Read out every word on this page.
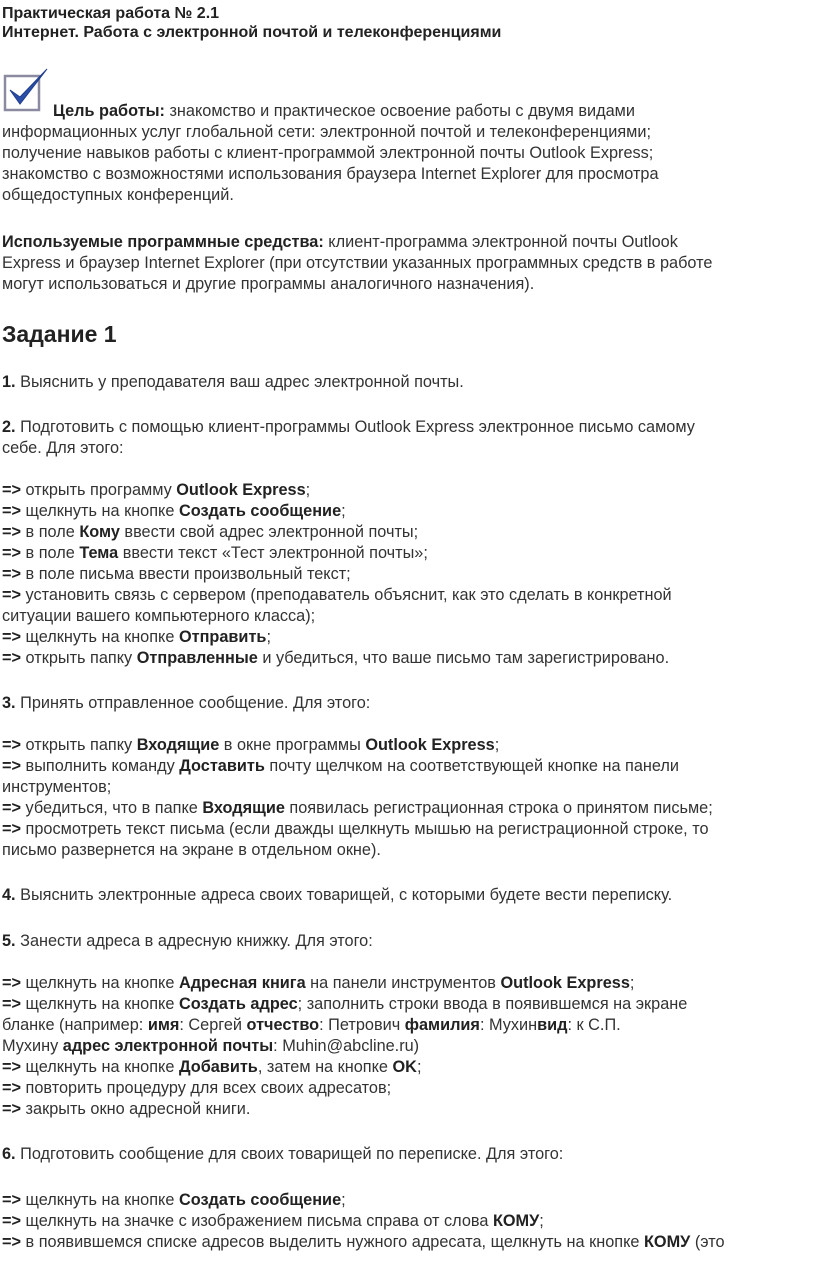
Практическая работа № 2.1
Интернет. Работа с электронной почтой и телеконференциями
Цель работы: знакомство и практическое освоение работы с двумя видами
информационных услуг глобальной сети: электронной почтой и телеконференциями;
получение навыков работы с клиент-программой электронной почты Outlook Express;
знакомство с возможностями использования браузера Internet Explorer для просмотра
общедоступных конференций.
Используемые программные средства: клиент-программа электронной почты Outlook
Express и браузер Internet Explorer (при отсутствии указанных программных средств в работе
могут использоваться и другие программы аналогичного назначения).
Задание 1
1. Выяснить у преподавателя ваш адрес электронной почты.
2. Подготовить с помощью клиент-программы Outlook Express электронное письмо самому
себе. Для этого:
=> открыть программу Outlook Express;
=> щелкнуть на кнопке Создать сообщение;
=> в поле Кому ввести свой адрес электронной почты;
=> в поле Тема ввести текст «Тест электронной почты»;
=> в поле письма ввести произвольный текст;
=> установить связь с сервером (преподаватель объяснит, как это сделать в конкретной
ситуации вашего компьютерного класса);
=> щелкнуть на кнопке Отправить;
=> открыть папку Отправленные и убедиться, что ваше письмо там зарегистрировано.
3. Принять отправленное сообщение. Для этого:
=> открыть папку Входящие в окне программы Outlook Express;
=> выполнить команду Доставить почту щелчком на соответствующей кнопке на панели
инструментов;
=> убедиться, что в папке Входящие появилась регистрационная строка о принятом письме;
=> просмотреть текст письма (если дважды щелкнуть мышью на регистрационной строке, то
письмо развернется на экране в отдельном окне).
4. Выяснить электронные адреса своих товарищей, с которыми будете вести переписку.
5. Занести адреса в адресную книжку. Для этого:
=> щелкнуть на кнопке Адресная книга на панели инструментов Outlook Express;
=> щелкнуть на кнопке Создать адрес; заполнить строки ввода в появившемся на экране
бланке (например: имя: Сергей отчество: Петрович фамилия: Мухинвид: к С.П.
Мухину адрес электронной почты: Muhin@abcline.ru)
=> щелкнуть на кнопке Добавить, затем на кнопке OK;
=> повторить процедуру для всех своих адресатов;
=> закрыть окно адресной книги.
6. Подготовить сообщение для своих товарищей по переписке. Для этого:
=> щелкнуть на кнопке Создать сообщение;
=> щелкнуть на значке с изображением письма справа от слова КОМУ;
=> в появившемся списке адресов выделить нужного адресата, щелкнуть на кнопке КОМУ (это
